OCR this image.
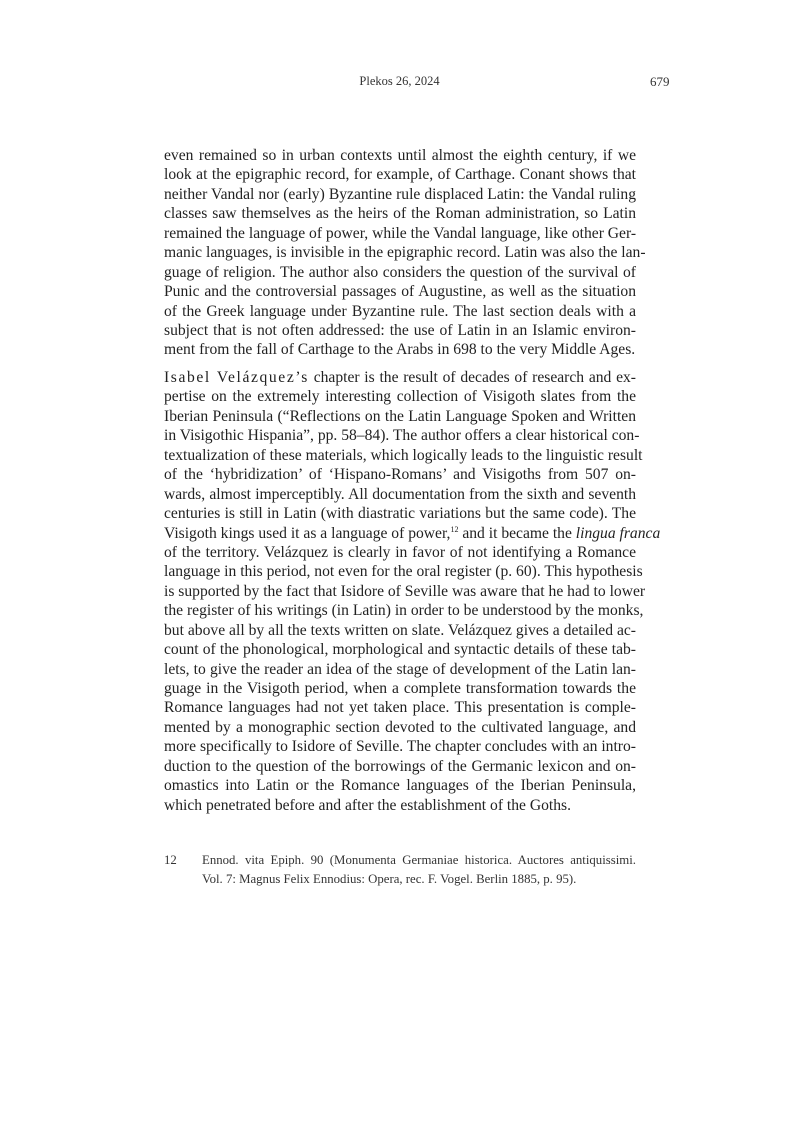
Plekos 26, 2024	679
even remained so in urban contexts until almost the eighth century, if we
look at the epigraphic record, for example, of Carthage. Conant shows that
neither Vandal nor (early) Byzantine rule displaced Latin: the Vandal ruling
classes saw themselves as the heirs of the Roman administration, so Latin
remained the language of power, while the Vandal language, like other Ger-
manic languages, is invisible in the epigraphic record. Latin was also the lan-
guage of religion. The author also considers the question of the survival of
Punic and the controversial passages of Augustine, as well as the situation
of the Greek language under Byzantine rule. The last section deals with a
subject that is not often addressed: the use of Latin in an Islamic environ-
ment from the fall of Carthage to the Arabs in 698 to the very Middle Ages.
Isabel Velázquez’s chapter is the result of decades of research and ex-
pertise on the extremely interesting collection of Visigoth slates from the
Iberian Peninsula (“Reflections on the Latin Language Spoken and Written
in Visigothic Hispania”, pp. 58–84). The author offers a clear historical con-
textualization of these materials, which logically leads to the linguistic result
of the ‘hybridization’ of ‘Hispano-Romans’ and Visigoths from 507 on-
wards, almost imperceptibly. All documentation from the sixth and seventh
centuries is still in Latin (with diastratic variations but the same code). The
Visigoth kings used it as a language of power,$^{12}$ and it became the lingua franca
of the territory. Velázquez is clearly in favor of not identifying a Romance
language in this period, not even for the oral register (p. 60). This hypothesis
is supported by the fact that Isidore of Seville was aware that he had to lower
the register of his writings (in Latin) in order to be understood by the monks,
but above all by all the texts written on slate. Velázquez gives a detailed ac-
count of the phonological, morphological and syntactic details of these tab-
lets, to give the reader an idea of the stage of development of the Latin lan-
guage in the Visigoth period, when a complete transformation towards the
Romance languages had not yet taken place. This presentation is comple-
mented by a monographic section devoted to the cultivated language, and
more specifically to Isidore of Seville. The chapter concludes with an intro-
duction to the question of the borrowings of the Germanic lexicon and on-
omastics into Latin or the Romance languages of the Iberian Peninsula,
which penetrated before and after the establishment of the Goths.
12 Ennod. vita Epiph. 90 (Monumenta Germaniae historica. Auctores antiquissimi.
Vol. 7: Magnus Felix Ennodius: Opera, rec. F. Vogel. Berlin 1885, p. 95).
